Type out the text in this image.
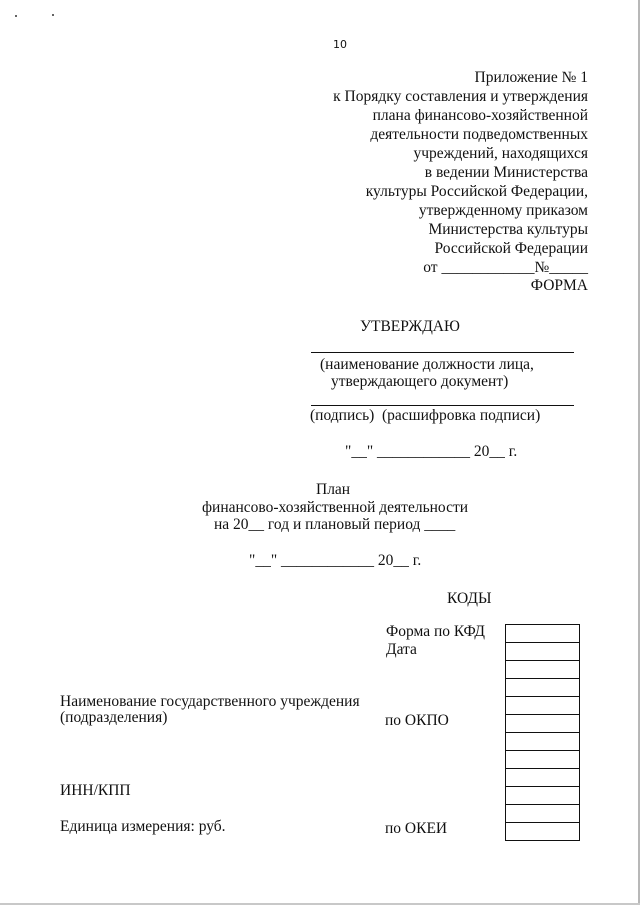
10
Приложение № 1
к Порядку составления и утверждения
плана финансово-хозяйственной
деятельности подведомственных
учреждений, находящихся
в ведении Министерства
культуры Российской Федерации,
утвержденному приказом
Министерства культуры
Российской Федерации
от ____________№_____
ФОРМА
УТВЕРЖДАЮ
(наименование должности лица,
утверждающего документ)
(подпись) (расшифровка подписи)
"__" ____________ 20__ г.
План
финансово-хозяйственной деятельности
на 20__ год и плановый период ____
"__" ____________ 20__ г.
КОДЫ
Форма по КФД
Дата
по ОКПО
по ОКЕИ
Наименование государственного учреждения
(подразделения)
ИНН/КПП
Единица измерения: руб.
